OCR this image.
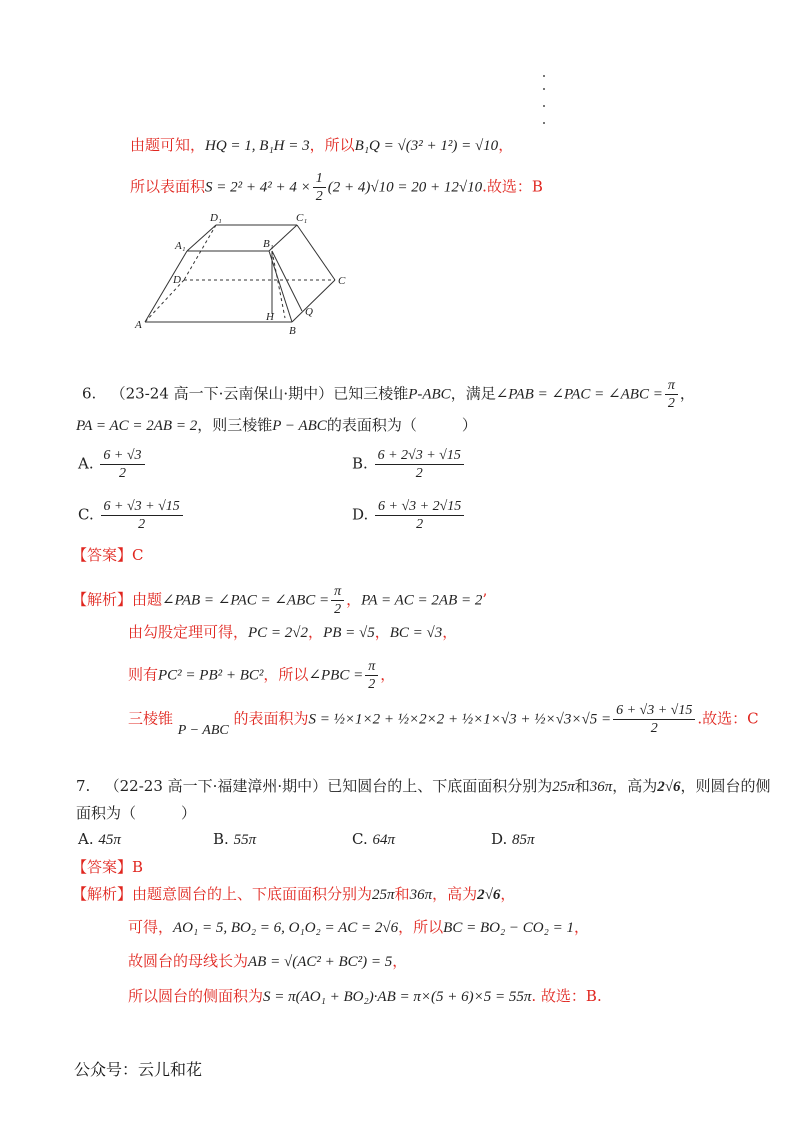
由题可知，HQ = 1, B₁H = 3，所以B₁Q = √(3² + 1²) = √10，
所以表面积$S = 2^2 + 4^2 + 4 \times \frac{1}{2} (2 + 4)√10 = 20 + 12√10$.故选：B
D₁	C₁
A₁	B₁
D	C
A	B
H	Q
6. （23-24 高一下·云南保山·期中）已知三棱锥P-ABC，满足∠PAB = ∠PAC = ∠ABC = $\frac{\pi}{2}$ ，
PA = AC = 2AB = 2，则三棱锥P − ABC的表面积为（　　　）
A. $\frac{6 + √3}{2}$	B. $\frac{6 + 2√3 + √15}{2}$
C. $\frac{6 + √3 + √15}{2}$	D. $\frac{6 + √3 + 2√15}{2}$
【答案】C
【解析】由题∠PAB = ∠PAC = ∠ABC = $\frac{\pi}{2}$ ，PA = AC = 2AB = 2’
由勾股定理可得，PC = 2√2，PB = √5，BC = √3，
则有PC² = PB² + BC²，所以∠PBC = $\frac{\pi}{2}$ ，
三棱锥 P − ABC 的表面积为S = ½×1×2 + ½×2×2 + ½×1×√3 + ½×√3×√5 = $\frac{6 + √3 + √15}{2}$ .故选：C
7. （22-23 高一下·福建漳州·期中）已知圆台的上、下底面面积分别为25π和36π，高为2√6，则圆台的侧
面积为（　　　）
A. 45π	B. 55π	C. 64π	D. 85π
【答案】B
【解析】由题意圆台的上、下底面面积分别为25π和36π，高为2√6，
可得，AO₁ = 5, BO₂ = 6, O₁O₂ = AC = 2√6，所以BC = BO₂ − CO₂ = 1，
故圆台的母线长为AB = √(AC² + BC²) = 5，
所以圆台的侧面积为S = π(AO₁ + BO₂)·AB = π×(5 + 6)×5 = 55π. 故选：B.
公众号：云儿和花
